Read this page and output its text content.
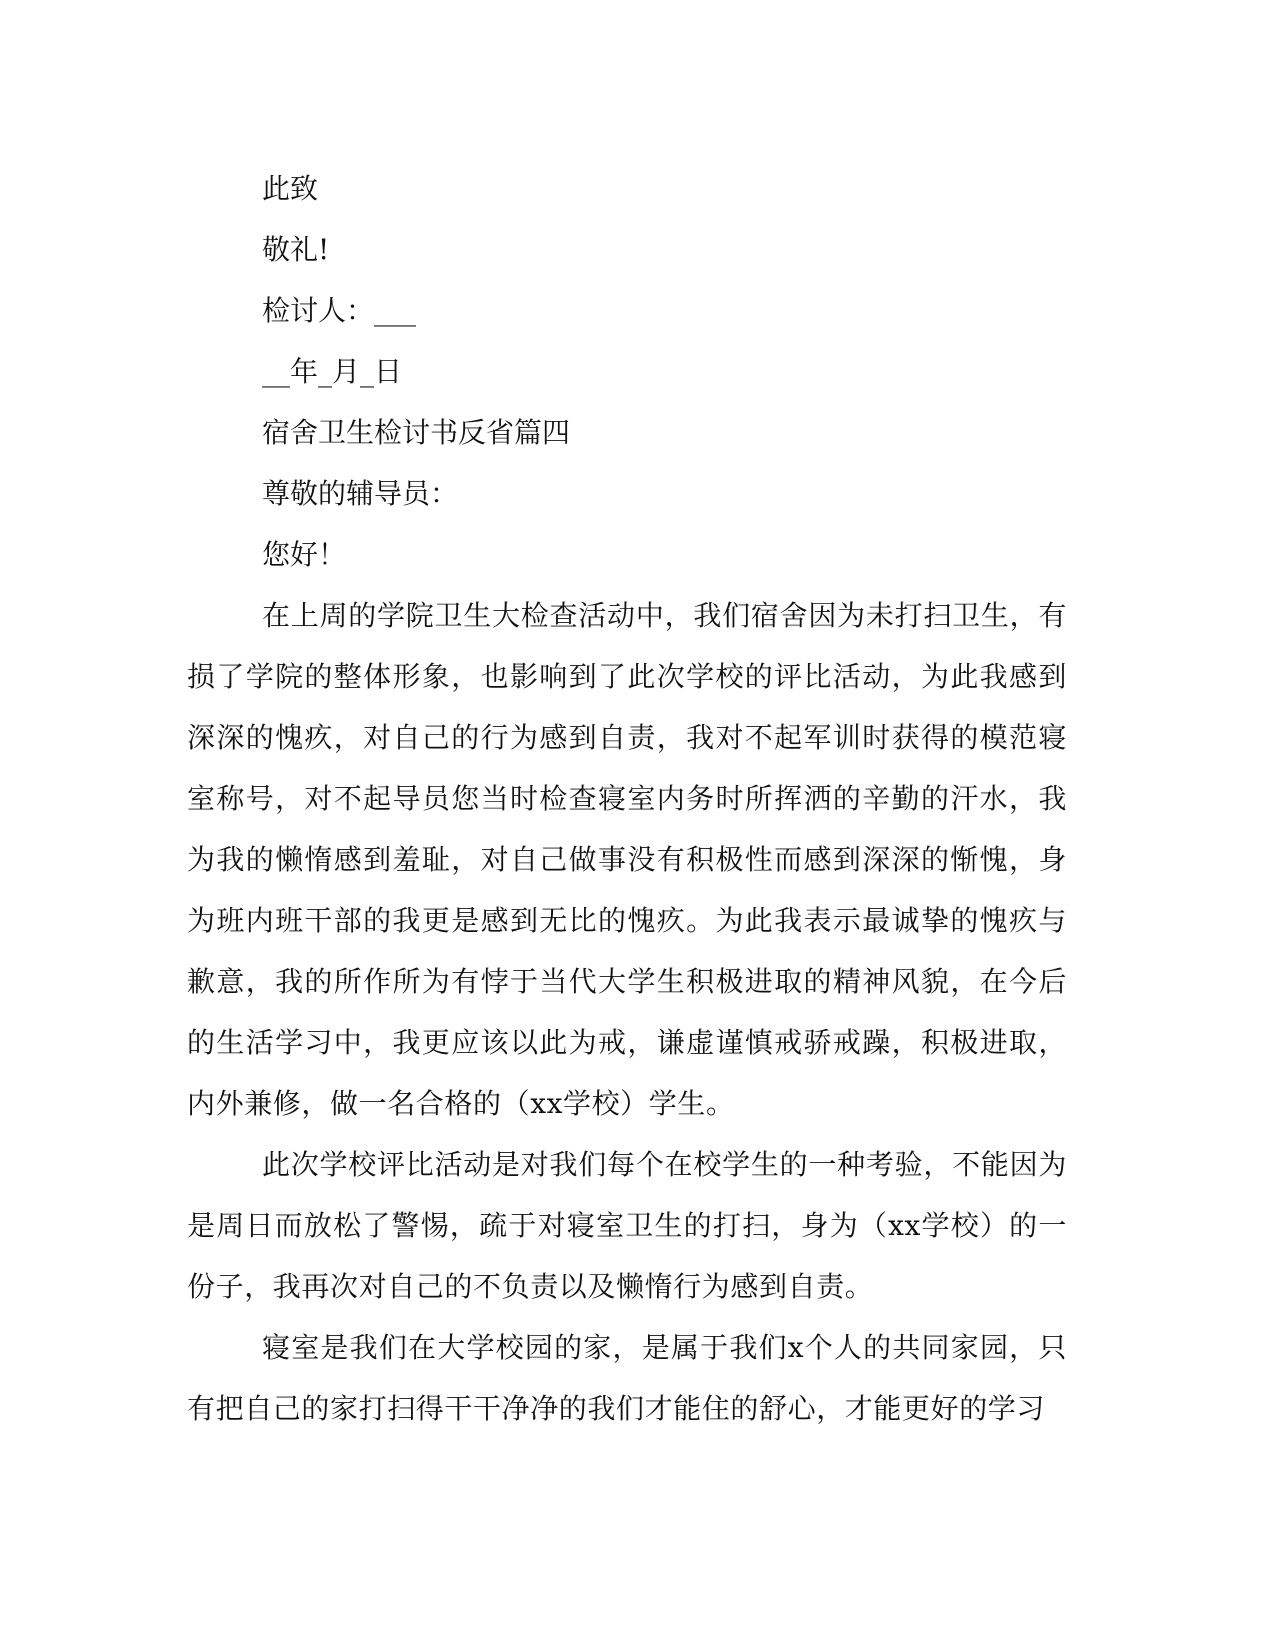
此致

敬礼!

检讨人：___

__年_月_日

宿舍卫生检讨书反省篇四

尊敬的辅导员：

您好！

在上周的学院卫生大检查活动中，我们宿舍因为未打扫卫生，有损了学院的整体形象，也影响到了此次学校的评比活动，为此我感到深深的愧疚，对自己的行为感到自责，我对不起军训时获得的模范寝室称号，对不起导员您当时检查寝室内务时所挥洒的辛勤的汗水，我为我的懒惰感到羞耻，对自己做事没有积极性而感到深深的惭愧，身为班内班干部的我更是感到无比的愧疚。为此我表示最诚挚的愧疚与歉意，我的所作所为有悖于当代大学生积极进取的精神风貌，在今后的生活学习中，我更应该以此为戒，谦虚谨慎戒骄戒躁，积极进取，内外兼修，做一名合格的（xx学校）学生。

此次学校评比活动是对我们每个在校学生的一种考验，不能因为是周日而放松了警惕，疏于对寝室卫生的打扫，身为（xx学校）的一份子，我再次对自己的不负责以及懒惰行为感到自责。

寝室是我们在大学校园的家，是属于我们x个人的共同家园，只有把自己的家打扫得干干净净的我们才能住的舒心，才能更好的学习
